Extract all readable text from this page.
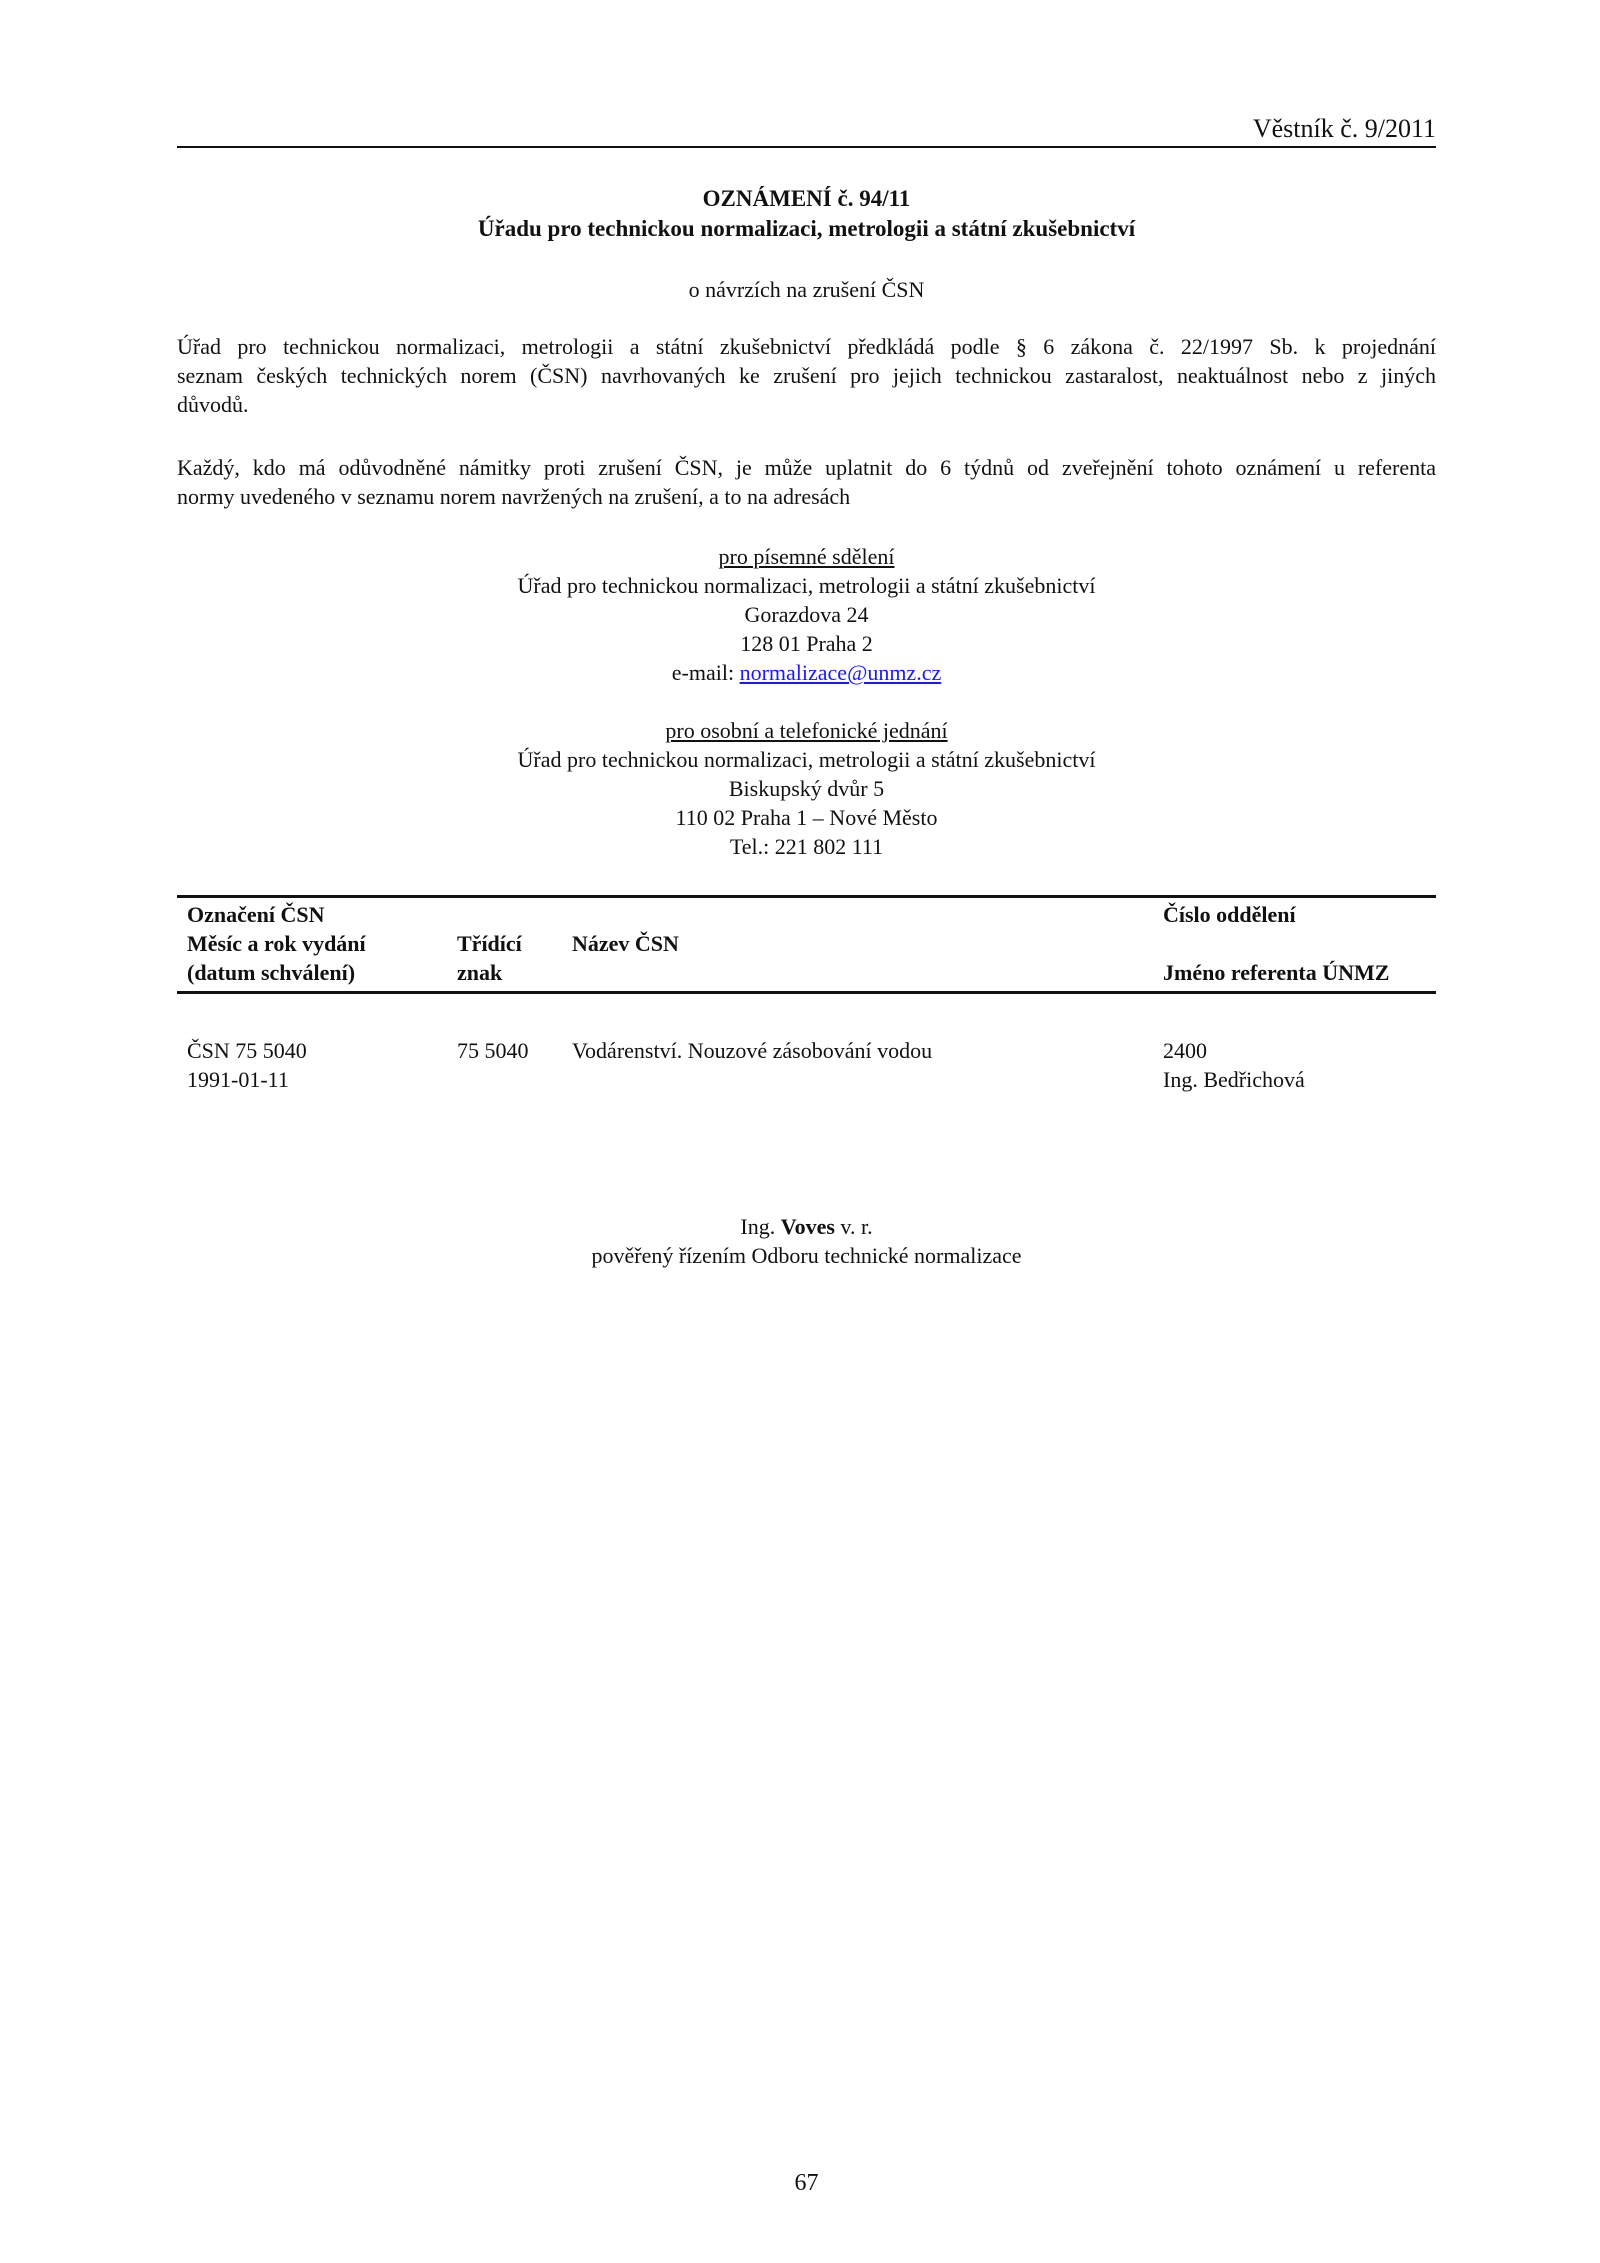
Věstník č. 9/2011
OZNÁMENÍ č. 94/11
Úřadu pro technickou normalizaci, metrologii a státní zkušebnictví
o návrzích na zrušení ČSN
Úřad pro technickou normalizaci, metrologii a státní zkušebnictví předkládá podle § 6 zákona č. 22/1997 Sb. k projednání
seznam českých technických norem (ČSN) navrhovaných ke zrušení pro jejich technickou zastaralost, neaktuálnost nebo z jiných
důvodů.
Každý, kdo má odůvodněné námitky proti zrušení ČSN, je může uplatnit do 6 týdnů od zveřejnění tohoto oznámení u referenta
normy uvedeného v seznamu norem navržených na zrušení, a to na adresách
pro písemné sdělení
Úřad pro technickou normalizaci, metrologii a státní zkušebnictví
Gorazdova 24
128 01 Praha 2
e-mail: normalizace@unmz.cz
pro osobní a telefonické jednání
Úřad pro technickou normalizaci, metrologii a státní zkušebnictví
Biskupský dvůr 5
110 02 Praha 1 – Nové Město
Tel.: 221 802 111
Označení ČSN
Měsíc a rok vydání
(datum schválení)
Třídící
znak
Název ČSN
Číslo oddělení
Jméno referenta ÚNMZ
ČSN 75 5040
1991-01-11
75 5040 Vodárenství. Nouzové zásobování vodou	2400
Ing. Bedřichová
Ing. Voves v. r.
pověřený řízením Odboru technické normalizace
67
